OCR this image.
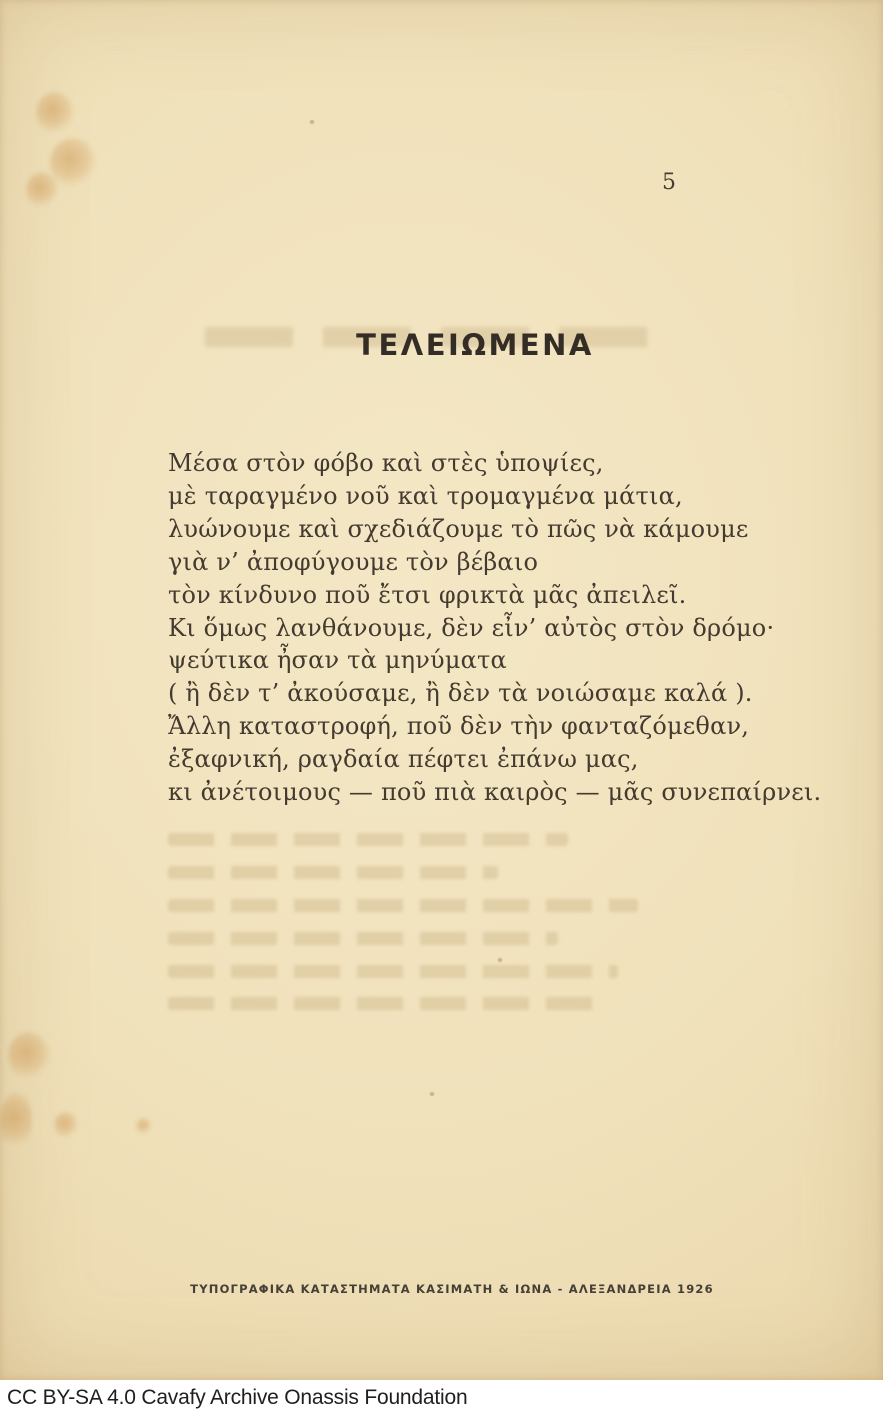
5
ΤΕΛΕΙΩΜΕΝΑ
Μέσα στὸν φόβο καὶ στὲς ὑποψίες,
μὲ ταραγμένο νοῦ καὶ τρομαγμένα μάτια,
λυώνουμε καὶ σχεδιάζουμε τὸ πῶς νὰ κάμουμε
γιὰ ν’ ἀποφύγουμε τὸν βέβαιο
τὸν κίνδυνο ποῦ ἔτσι φρικτὰ μᾶς ἀπειλεῖ.
Κι ὅμως λανθάνουμε, δὲν εἶν’ αὐτὸς στὸν δρόμο·
ψεύτικα ἦσαν τὰ μηνύματα
( ἢ δὲν τ’ ἀκούσαμε, ἢ δὲν τὰ νοιώσαμε καλά ).
Ἄλλη καταστροφή, ποῦ δὲν τὴν φανταζόμεθαν,
ἐξαφνική, ραγδαία πέφτει ἐπάνω μας,
κι ἀνέτοιμους — ποῦ πιὰ καιρὸς — μᾶς συνεπαίρνει.
ΤΥΠΟΓΡΑΦΙΚΑ ΚΑΤΑΣΤΗΜΑΤΑ ΚΑΣΙΜΑΤΗ & ΙΩΝΑ - ΑΛΕΞΑΝΔΡΕΙΑ 1926
CC BY-SA 4.0 Cavafy Archive Onassis Foundation
